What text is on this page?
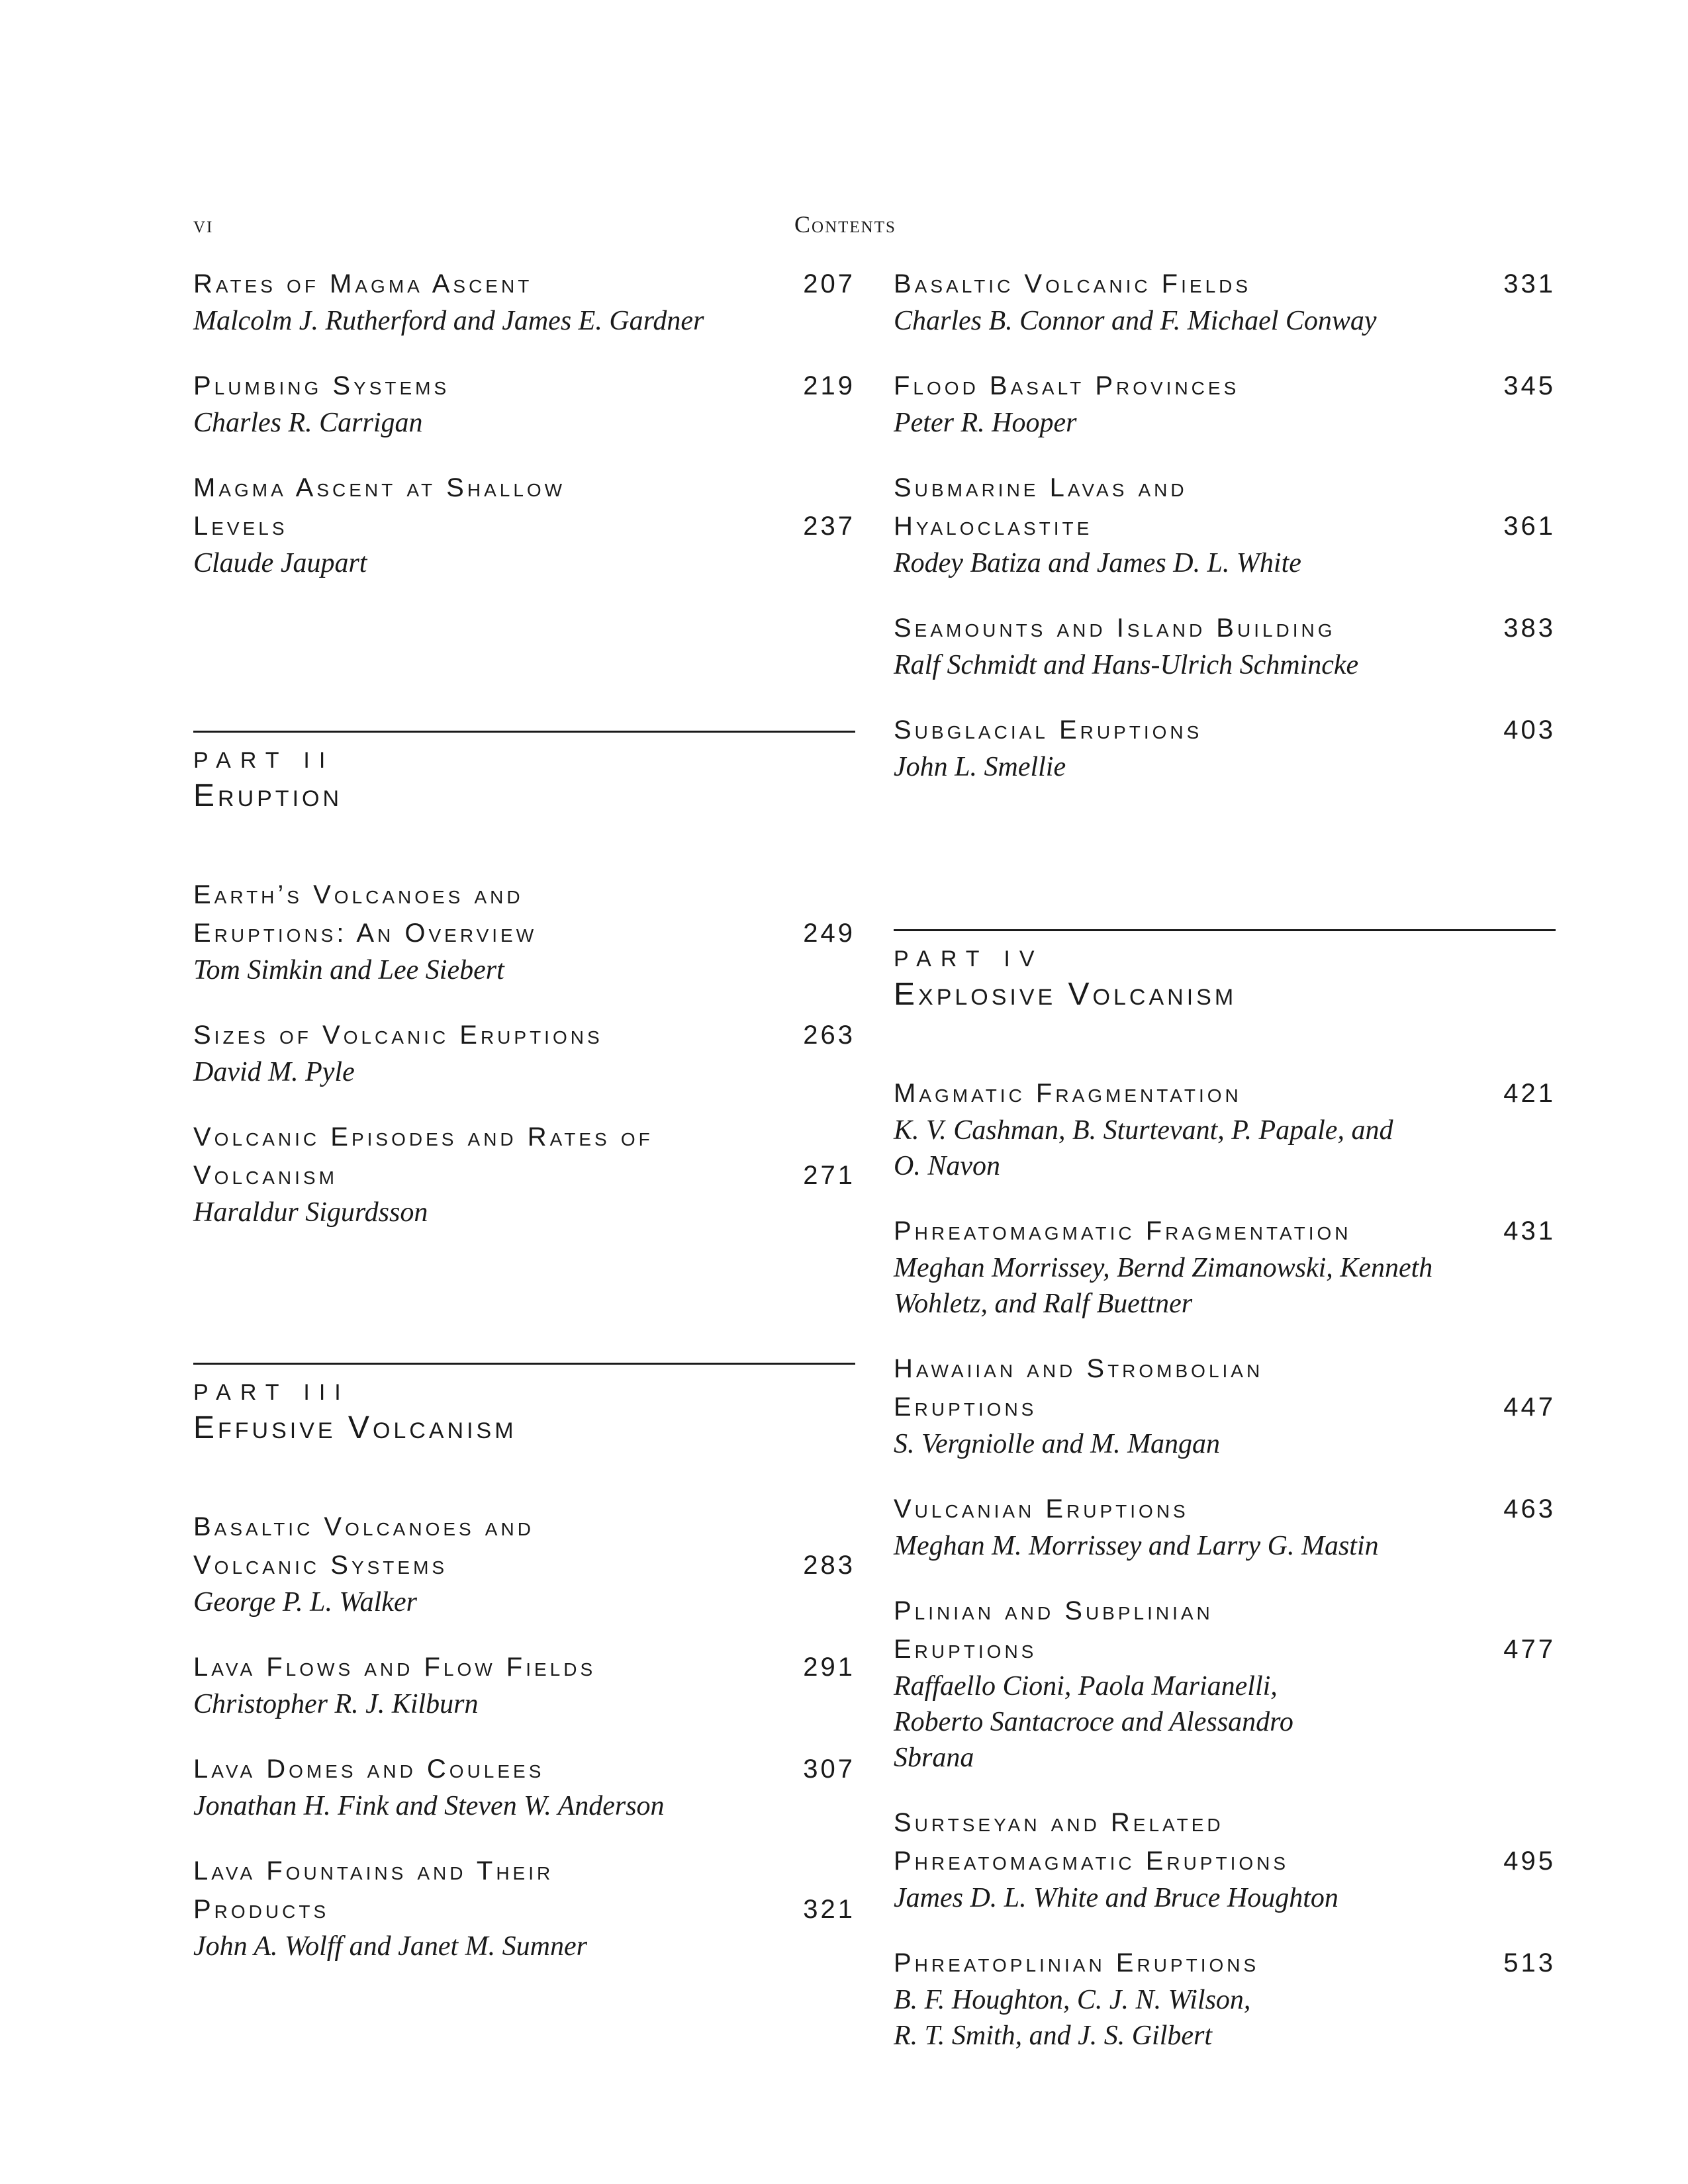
vi	Contents
Rates of Magma Ascent	207
Malcolm J. Rutherford and James E. Gardner
Plumbing Systems	219
Charles R. Carrigan
Magma Ascent at Shallow Levels	237
Claude Jaupart
PART II
Eruption
Earth’s Volcanoes and Eruptions: An Overview	249
Tom Simkin and Lee Siebert
Sizes of Volcanic Eruptions	263
David M. Pyle
Volcanic Episodes and Rates of Volcanism	271
Haraldur Sigurdsson
PART III
Effusive Volcanism
Basaltic Volcanoes and Volcanic Systems	283
George P. L. Walker
Lava Flows and Flow Fields	291
Christopher R. J. Kilburn
Lava Domes and Coulees	307
Jonathan H. Fink and Steven W. Anderson
Lava Fountains and Their Products	321
John A. Wolff and Janet M. Sumner
Basaltic Volcanic Fields	331
Charles B. Connor and F. Michael Conway
Flood Basalt Provinces	345
Peter R. Hooper
Submarine Lavas and Hyaloclastite	361
Rodey Batiza and James D. L. White
Seamounts and Island Building	383
Ralf Schmidt and Hans-Ulrich Schmincke
Subglacial Eruptions	403
John L. Smellie
PART IV
Explosive Volcanism
Magmatic Fragmentation	421
K. V. Cashman, B. Sturtevant, P. Papale, and O. Navon
Phreatomagmatic Fragmentation	431
Meghan Morrissey, Bernd Zimanowski, Kenneth Wohletz, and Ralf Buettner
Hawaiian and Strombolian Eruptions	447
S. Vergniolle and M. Mangan
Vulcanian Eruptions	463
Meghan M. Morrissey and Larry G. Mastin
Plinian and Subplinian Eruptions	477
Raffaello Cioni, Paola Marianelli, Roberto Santacroce and Alessandro Sbrana
Surtseyan and Related Phreatomagmatic Eruptions	495
James D. L. White and Bruce Houghton
Phreatoplinian Eruptions	513
B. F. Houghton, C. J. N. Wilson, R. T. Smith, and J. S. Gilbert
